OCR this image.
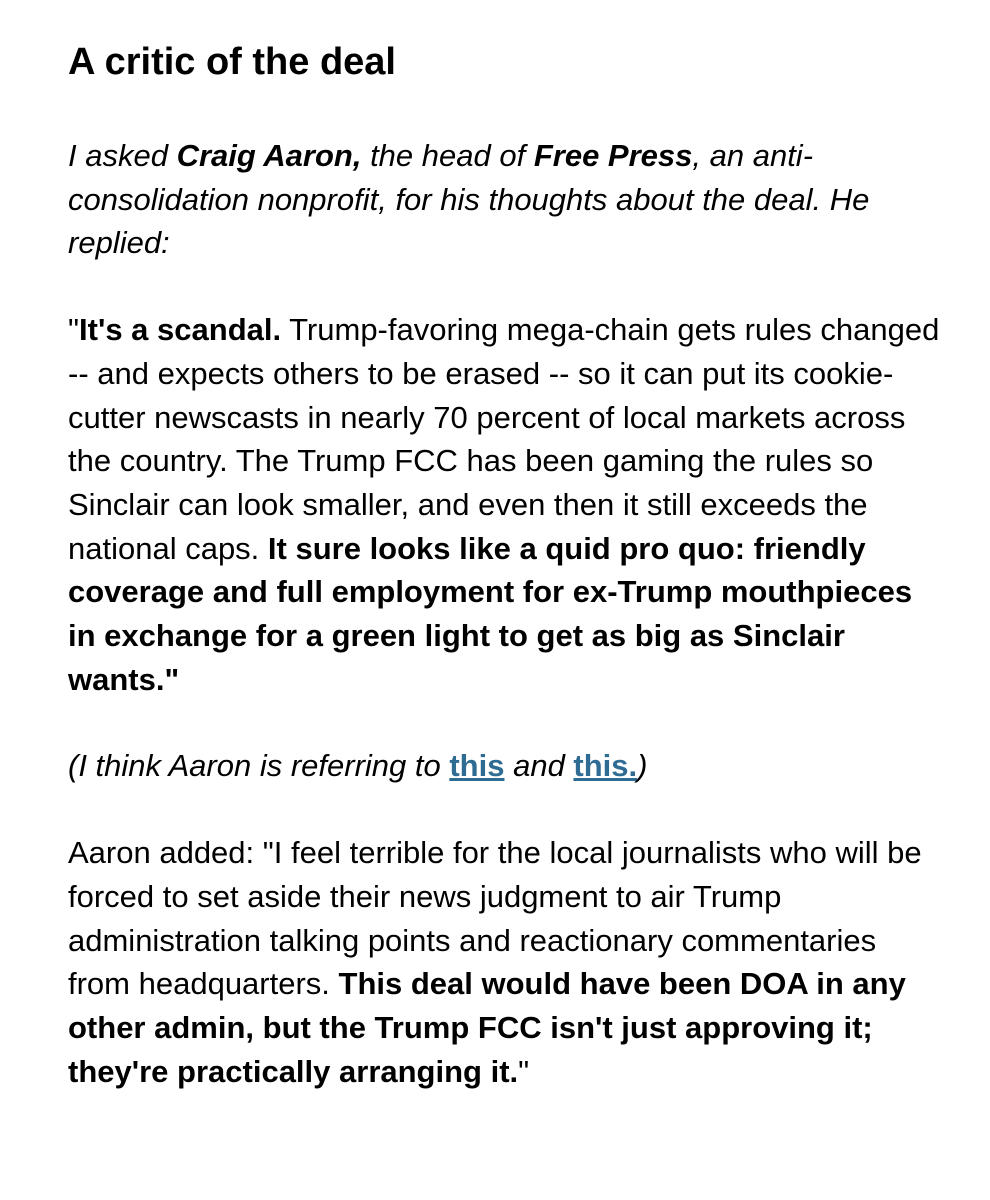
A critic of the deal

I asked Craig Aaron, the head of Free Press, an anti-consolidation nonprofit, for his thoughts about the deal. He replied:

"It's a scandal. Trump-favoring mega-chain gets rules changed -- and expects others to be erased -- so it can put its cookie-cutter newscasts in nearly 70 percent of local markets across the country. The Trump FCC has been gaming the rules so Sinclair can look smaller, and even then it still exceeds the national caps. It sure looks like a quid pro quo: friendly coverage and full employment for ex-Trump mouthpieces in exchange for a green light to get as big as Sinclair wants."

(I think Aaron is referring to this and this.)

Aaron added: "I feel terrible for the local journalists who will be forced to set aside their news judgment to air Trump administration talking points and reactionary commentaries from headquarters. This deal would have been DOA in any other admin, but the Trump FCC isn't just approving it; they're practically arranging it."
